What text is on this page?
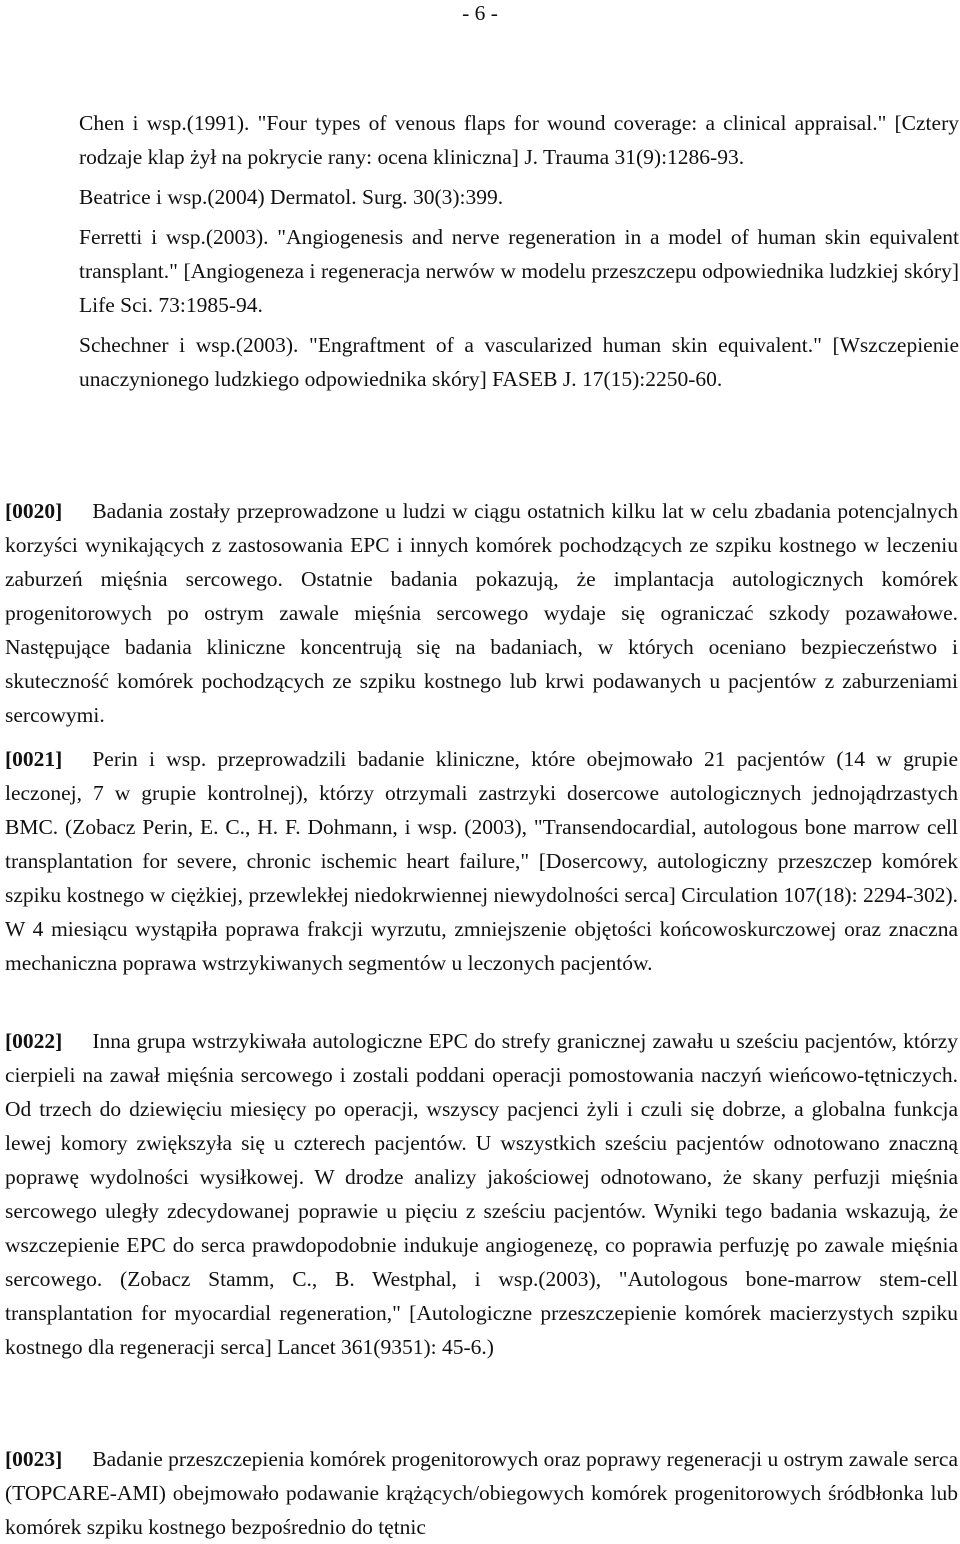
- 6 -

Chen i wsp.(1991). "Four types of venous flaps for wound coverage: a clinical appraisal." [Cztery rodzaje klap żył na pokrycie rany: ocena kliniczna] J. Trauma 31(9):1286-93.

Beatrice i wsp.(2004) Dermatol. Surg. 30(3):399.

Ferretti i wsp.(2003). "Angiogenesis and nerve regeneration in a model of human skin equivalent transplant." [Angiogeneza i regeneracja nerwów w modelu przeszczepu odpowiednika ludzkiej skóry] Life Sci. 73:1985-94.

Schechner i wsp.(2003). "Engraftment of a vascularized human skin equivalent." [Wszczepienie unaczynionego ludzkiego odpowiednika skóry] FASEB J. 17(15):2250-60.

[0020] Badania zostały przeprowadzone u ludzi w ciągu ostatnich kilku lat w celu zbadania potencjalnych korzyści wynikających z zastosowania EPC i innych komórek pochodzących ze szpiku kostnego w leczeniu zaburzeń mięśnia sercowego. Ostatnie badania pokazują, że implantacja autologicznych komórek progenitorowych po ostrym zawale mięśnia sercowego wydaje się ograniczać szkody pozawałowe. Następujące badania kliniczne koncentrują się na badaniach, w których oceniano bezpieczeństwo i skuteczność komórek pochodzących ze szpiku kostnego lub krwi podawanych u pacjentów z zaburzeniami sercowymi.

[0021] Perin i wsp. przeprowadzili badanie kliniczne, które obejmowało 21 pacjentów (14 w grupie leczonej, 7 w grupie kontrolnej), którzy otrzymali zastrzyki dosercowe autologicznych jednojądrzastych BMC. (Zobacz Perin, E. C., H. F. Dohmann, i wsp. (2003), "Transendocardial, autologous bone marrow cell transplantation for severe, chronic ischemic heart failure," [Dosercowy, autologiczny przeszczep komórek szpiku kostnego w ciężkiej, przewlekłej niedokrwiennej niewydolności serca] Circulation 107(18): 2294-302). W 4 miesiącu wystąpiła poprawa frakcji wyrzutu, zmniejszenie objętości końcowoskurczowej oraz znaczna mechaniczna poprawa wstrzykiwanych segmentów u leczonych pacjentów.

[0022] Inna grupa wstrzykiwała autologiczne EPC do strefy granicznej zawału u sześciu pacjentów, którzy cierpieli na zawał mięśnia sercowego i zostali poddani operacji pomostowania naczyń wieńcowo-tętniczych. Od trzech do dziewięciu miesięcy po operacji, wszyscy pacjenci żyli i czuli się dobrze, a globalna funkcja lewej komory zwiększyła się u czterech pacjentów. U wszystkich sześciu pacjentów odnotowano znaczną poprawę wydolności wysiłkowej. W drodze analizy jakościowej odnotowano, że skany perfuzji mięśnia sercowego uległy zdecydowanej poprawie u pięciu z sześciu pacjentów. Wyniki tego badania wskazują, że wszczepienie EPC do serca prawdopodobnie indukuje angiogenezę, co poprawia perfuzję po zawale mięśnia sercowego. (Zobacz Stamm, C., B. Westphal, i wsp.(2003), "Autologous bone-marrow stem-cell transplantation for myocardial regeneration," [Autologiczne przeszczepienie komórek macierzystych szpiku kostnego dla regeneracji serca] Lancet 361(9351): 45-6.)

[0023] Badanie przeszczepienia komórek progenitorowych oraz poprawy regeneracji u ostrym zawale serca (TOPCARE-AMI) obejmowało podawanie krążących/obiegowych komórek progenitorowych śródbłonka lub komórek szpiku kostnego bezpośrednio do tętnic
